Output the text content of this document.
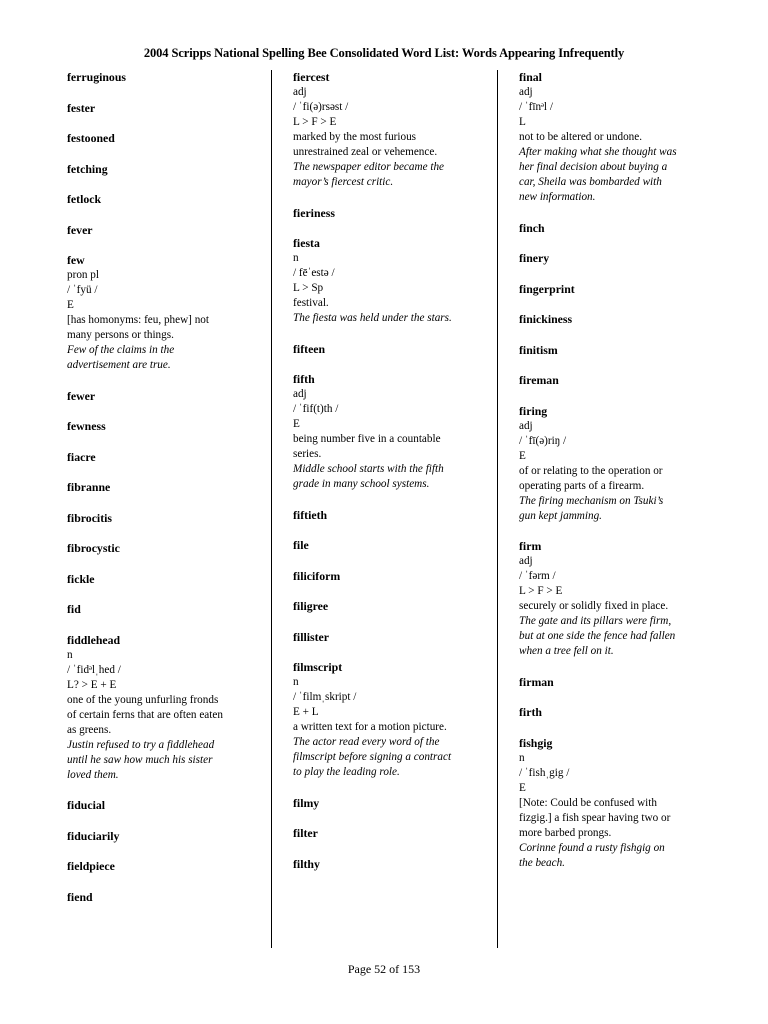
2004 Scripps National Spelling Bee Consolidated Word List: Words Appearing Infrequently
ferruginous
fester
festooned
fetching
fetlock
fever
few
pron pl
/ ˈfyü /
E
[has homonyms: feu, phew] not
many persons or things.
Few of the claims in the
advertisement are true.
fewer
fewness
fiacre
fibranne
fibrocitis
fibrocystic
fickle
fid
fiddlehead
n
/ ˈfidᵊlˌhed /
L? > E + E
one of the young unfurling fronds
of certain ferns that are often eaten
as greens.
Justin refused to try a fiddlehead
until he saw how much his sister
loved them.
fiducial
fiduciarily
fieldpiece
fiend
fiercest
adj
/ ˈfi(ə)rsəst /
L > F > E
marked by the most furious
unrestrained zeal or vehemence.
The newspaper editor became the
mayor’s fiercest critic.
fieriness
fiesta
n
/ fēˈestə /
L > Sp
festival.
The fiesta was held under the stars.
fifteen
fifth
adj
/ ˈfif(t)th /
E
being number five in a countable
series.
Middle school starts with the fifth
grade in many school systems.
fiftieth
file
filiciform
filigree
fillister
filmscript
n
/ ˈfilmˌskript /
E + L
a written text for a motion picture.
The actor read every word of the
filmscript before signing a contract
to play the leading role.
filmy
filter
filthy
final
adj
/ ˈfīnᵊl /
L
not to be altered or undone.
After making what she thought was
her final decision about buying a
car, Sheila was bombarded with
new information.
finch
finery
fingerprint
finickiness
finitism
fireman
firing
adj
/ ˈfī(ə)riŋ /
E
of or relating to the operation or
operating parts of a firearm.
The firing mechanism on Tsuki’s
gun kept jamming.
firm
adj
/ ˈfərm /
L > F > E
securely or solidly fixed in place.
The gate and its pillars were firm,
but at one side the fence had fallen
when a tree fell on it.
firman
firth
fishgig
n
/ ˈfishˌgig /
E
[Note: Could be confused with
fizgig.] a fish spear having two or
more barbed prongs.
Corinne found a rusty fishgig on
the beach.
Page 52 of 153
